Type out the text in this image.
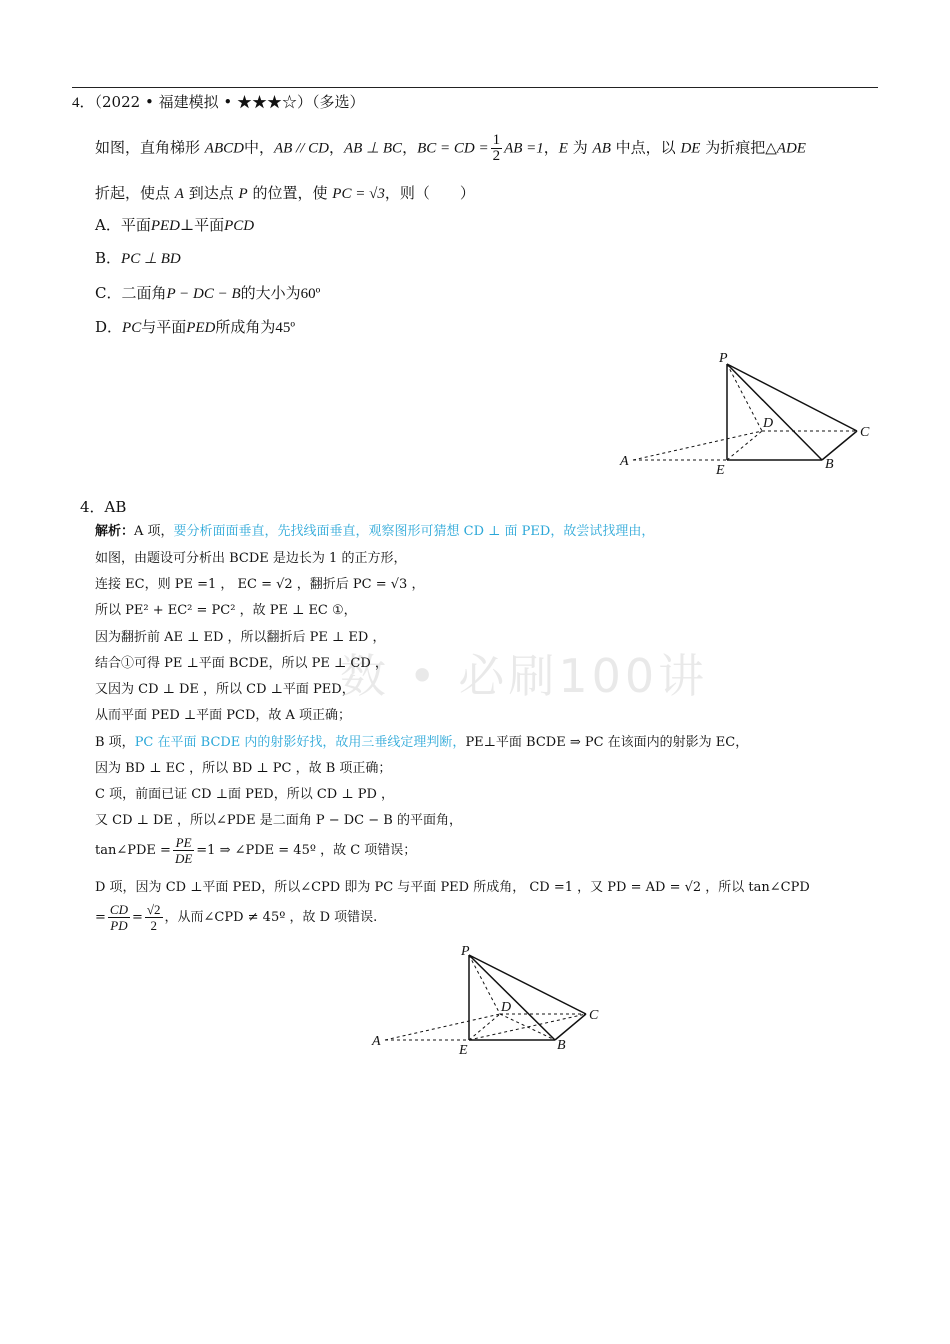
数 • 必刷100讲
4．（2022 • 福建模拟 • ★★★☆）（多选）
如图，直角梯形 ABCD中，AB // CD，AB ⊥ BC，BC = CD = $\frac{1}{2}$ AB =1，E 为 AB 中点，以 DE 为折痕把△ADE
折起，使点 A 到达点 P 的位置，使 PC = √3，则（　　）
A．平面PED⊥平面PCD
B．PC ⊥ BD
C．二面角P − DC − B的大小为60º
D．PC与平面PED所成角为45º
P
D
C
A
E	B
4．AB
解析：A 项，要分析面面垂直，先找线面垂直，观察图形可猜想 CD ⊥ 面 PED，故尝试找理由，
如图，由题设可分析出 BCDE 是边长为 1 的正方形，
连接 EC，则 PE =1 ， EC = √2 ，翻折后 PC = √3 ，
所以 PE² + EC² = PC² ，故 PE ⊥ EC ①，
因为翻折前 AE ⊥ ED ，所以翻折后 PE ⊥ ED ，
结合①可得 PE ⊥平面 BCDE，所以 PE ⊥ CD ，
又因为 CD ⊥ DE ，所以 CD ⊥平面 PED，
从而平面 PED ⊥平面 PCD，故 A 项正确；
B 项，PC 在平面 BCDE 内的射影好找，故用三垂线定理判断，PE⊥平面 BCDE ⇒ PC 在该面内的射影为 EC，
因为 BD ⊥ EC ，所以 BD ⊥ PC ，故 B 项正确；
C 项，前面已证 CD ⊥面 PED，所以 CD ⊥ PD ，
又 CD ⊥ DE ，所以∠PDE 是二面角 P − DC − B 的平面角，
tan∠PDE = $\frac{PE}{DE} =1$ ⇒ ∠PDE = 45º ，故 C 项错误；
D 项，因为 CD ⊥平面 PED，所以∠CPD 即为 PC 与平面 PED 所成角， CD =1 ，又 PD = AD = √2 ，所以 tan∠CPD
= $\frac{CD}{PD} = \frac{√2}{2}$ ，从而∠CPD ≠ 45º ，故 D 项错误.
P
D
C
A
E	B
